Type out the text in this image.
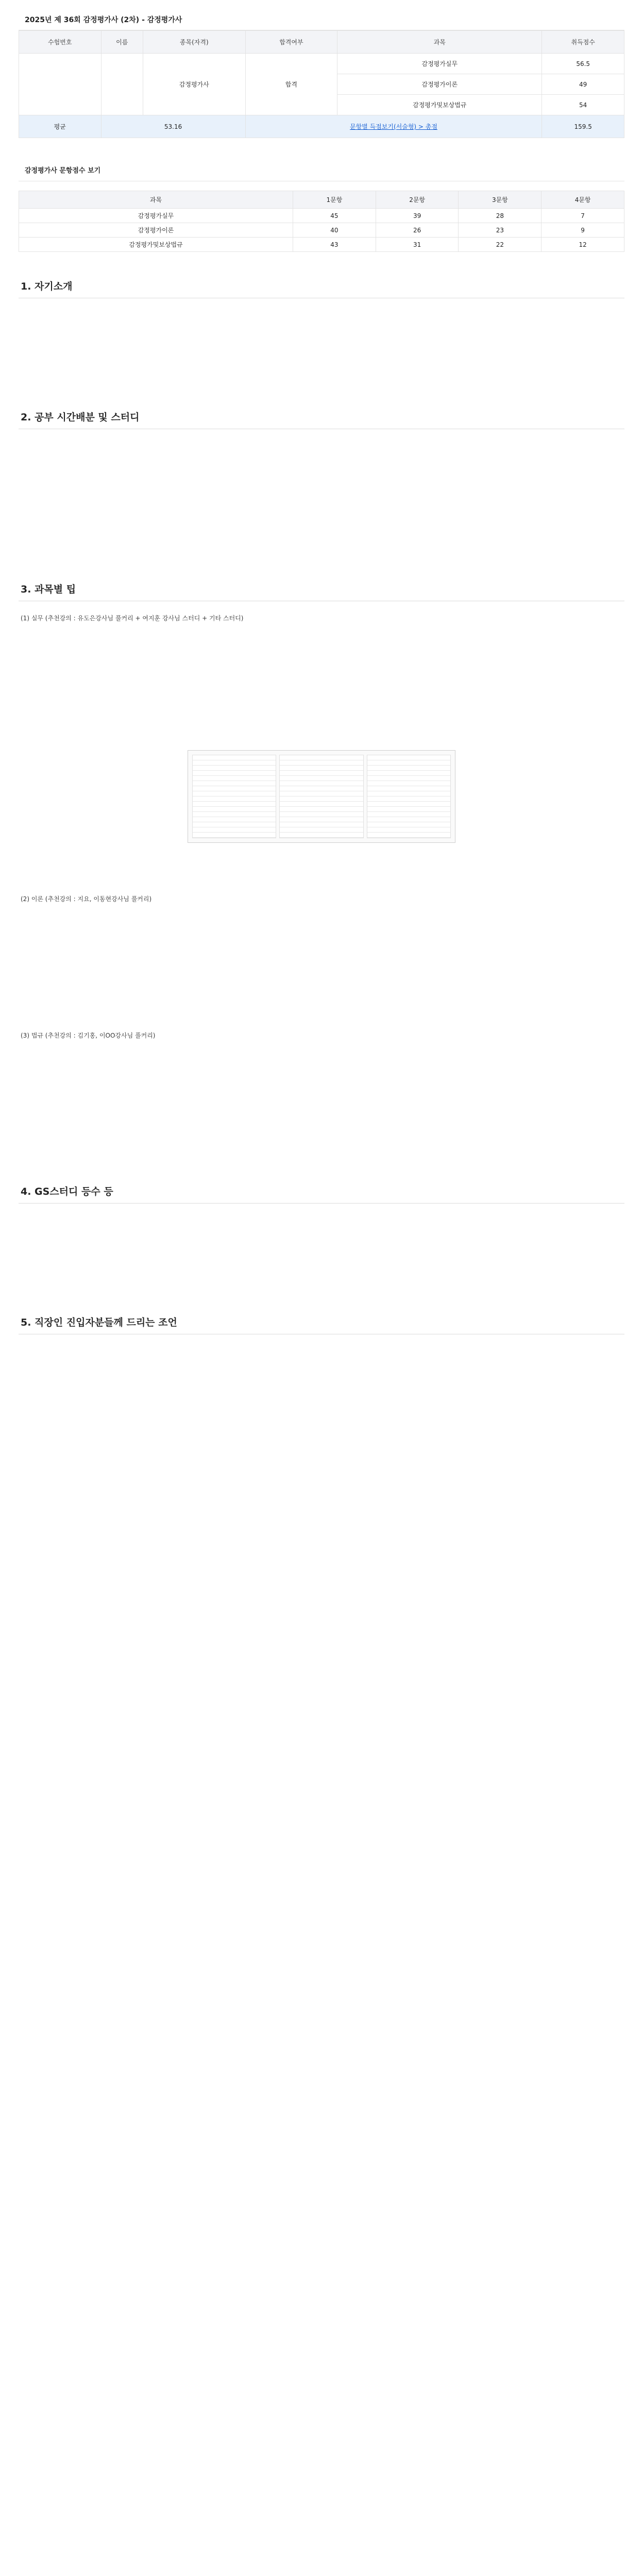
2025년 제 36회 감정평가사 (2차) - 감정평가사
수험번호	이름	종목(자격)	합격여부	과목	취득점수
		감정평가사	합격	감정평가실무	56.5
				감정평가이론	49
				감정평가및보상법규	54
평균	53.16		문항별 득점보기(서술형) > 총점		159.5
감정평가사 문항점수 보기
과목	1문항	2문항	3문항	4문항
감정평가실무	45	39	28	7
감정평가이론	40	26	23	9
감정평가및보상법규	43	31	22	12
1. 자기소개

2. 공부 시간배분 및 스터디

3. 과목별 팁
(1) 실무 (추천강의 : 유도은강사님 풀커리 + 여지훈 강사님 스터디 + 기타 스터디)

(2) 이론 (추천강의 : 지요, 이동현강사님 풀커리)

(3) 법규 (추천강의 : 김기홍, 이OO강사님 풀커리)

4. GS스터디 등수 등

5. 직장인 진입자분들께 드리는 조언
